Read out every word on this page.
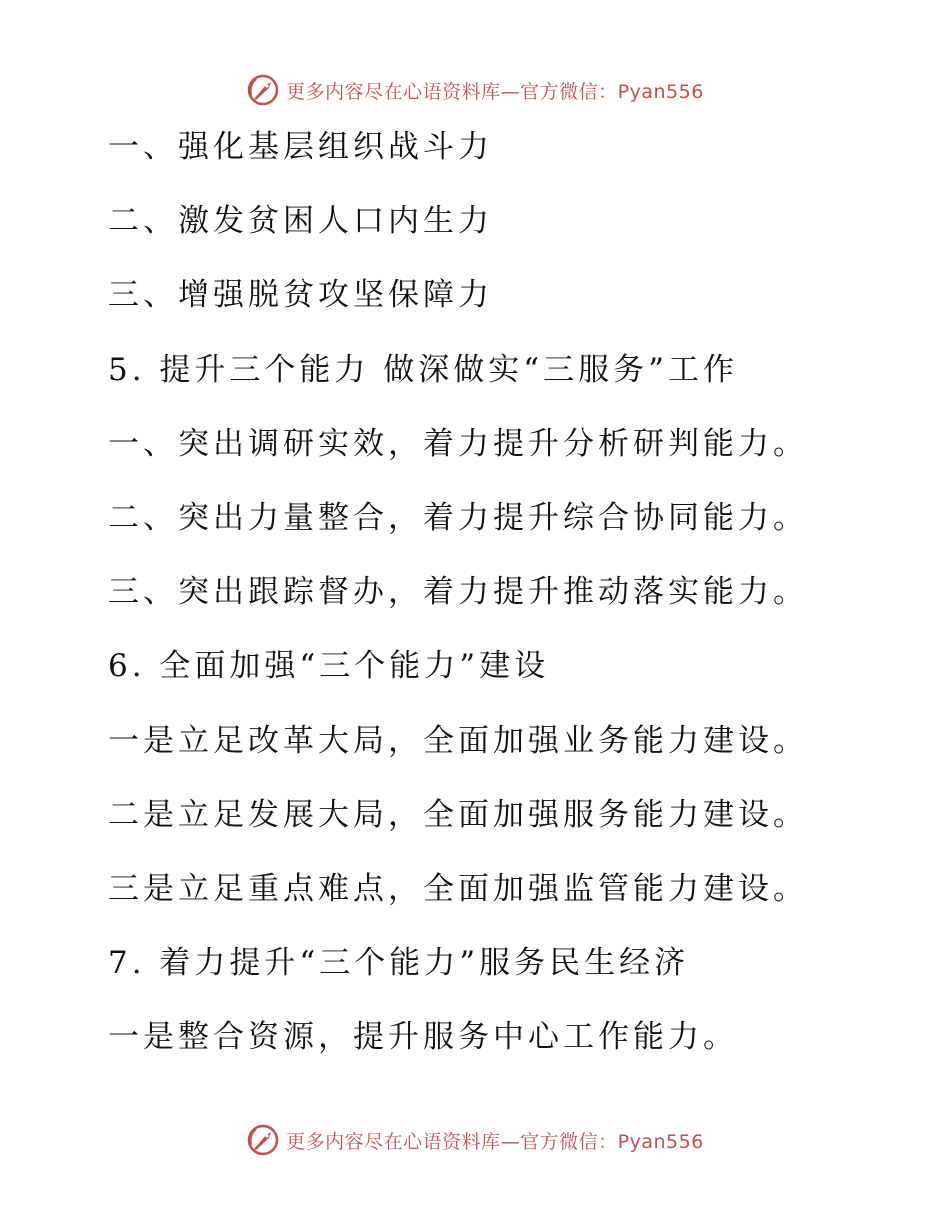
更多内容尽在心语资料库—官方微信：Pyan556
一、强化基层组织战斗力
二、激发贫困人口内生力
三、增强脱贫攻坚保障力
5. 提升三个能力 做深做实“三服务”工作
一、突出调研实效，着力提升分析研判能力。
二、突出力量整合，着力提升综合协同能力。
三、突出跟踪督办，着力提升推动落实能力。
6. 全面加强“三个能力”建设
一是立足改革大局，全面加强业务能力建设。
二是立足发展大局，全面加强服务能力建设。
三是立足重点难点，全面加强监管能力建设。
7. 着力提升“三个能力”服务民生经济
一是整合资源，提升服务中心工作能力。
更多内容尽在心语资料库—官方微信：Pyan556
